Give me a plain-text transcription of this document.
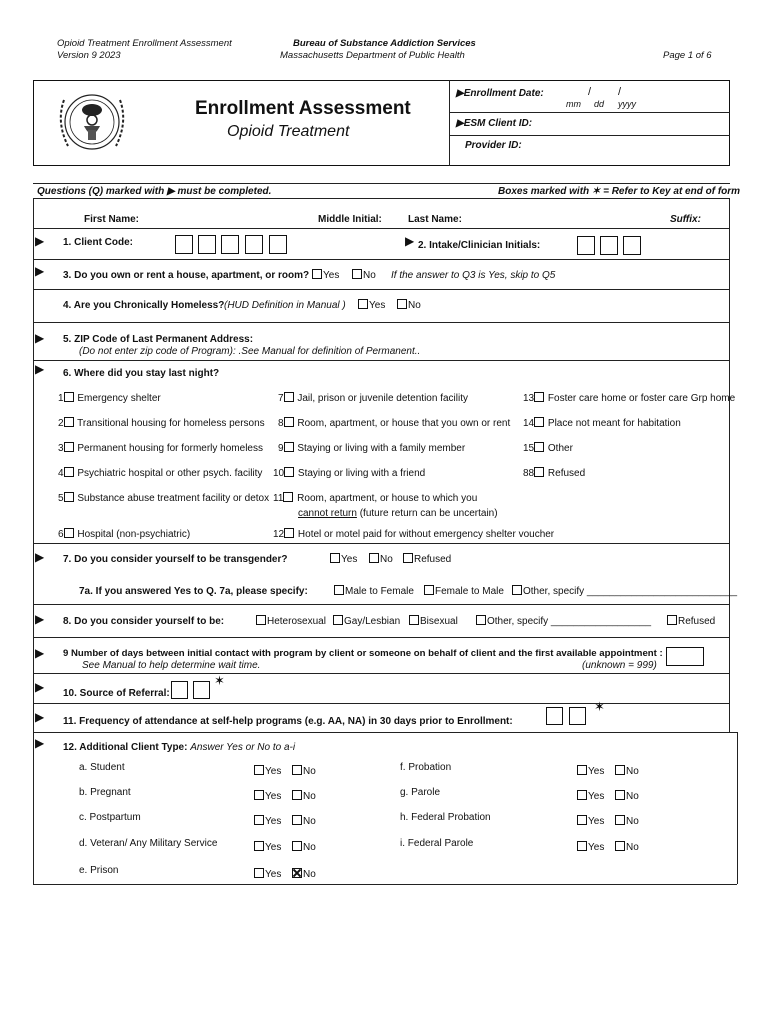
Opioid Treatment Enrollment Assessment
Version 9 2023
Bureau of Substance Addiction Services
Massachusetts Department of Public Health	Page 1 of 6
Enrollment Assessment
Opioid Treatment
▶Enrollment Date:	/ /
mm dd yyyy
▶ESM Client ID:
Provider ID:
Questions (Q) marked with ▶ must be completed.	Boxes marked with ✶ = Refer to Key at end of form
First Name:	Middle Initial:	Last Name:	Suffix:
▶ 1. Client Code:	▶ 2. Intake/Clinician Initials:
▶ 3. Do you own or rent a house, apartment, or room?	Yes	No If the answer to Q3 is Yes, skip to Q5
4. Are you Chronically Homeless? (HUD Definition in Manual )	Yes	No
▶ 5. ZIP Code of Last Permanent Address:
(Do not enter zip code of Program): .See Manual for definition of Permanent..
▶ 6. Where did you stay last night?
1 Emergency shelter
2 Transitional housing for homeless persons
3 Permanent housing for formerly homeless
4 Psychiatric hospital or other psych. facility
5 Substance abuse treatment facility or detox
6 Hospital (non-psychiatric)
7 Jail, prison or juvenile detention facility
8 Room, apartment, or house that you own or rent
9 Staying or living with a family member
10 Staying or living with a friend
11 Room, apartment, or house to which you
cannot return (future return can be uncertain)
12 Hotel or motel paid for without emergency shelter voucher
13 Foster care home or foster care Grp home
14 Place not meant for habitation
15 Other
88 Refused
▶ 7. Do you consider yourself to be transgender?	Yes	No	Refused
7a. If you answered Yes to Q. 7a, please specify:	Male to Female	Female to Male	Other, specify ___________________________
▶ 8. Do you consider yourself to be:	Heterosexual	Gay/Lesbian	Bisexual	Other, specify __________________	Refused
▶ 9 Number of days between initial contact with program by client or someone on behalf of client and the first available appointment :
See Manual to help determine wait time.	(unknown = 999)
▶ 10. Source of Referral:
✶
▶ 11. Frequency of attendance at self-help programs (e.g. AA, NA) in 30 days prior to Enrollment:
✶
▶ 12. Additional Client Type: Answer Yes or No to a-i
a. Student	Yes	No
b. Pregnant	Yes	No
c. Postpartum	Yes	No
d. Veteran/ Any Military Service	Yes	No
e. Prison	Yes	No
f. Probation	Yes	No
g. Parole	Yes	No
h. Federal Probation	Yes	No
i. Federal Parole	Yes	No
